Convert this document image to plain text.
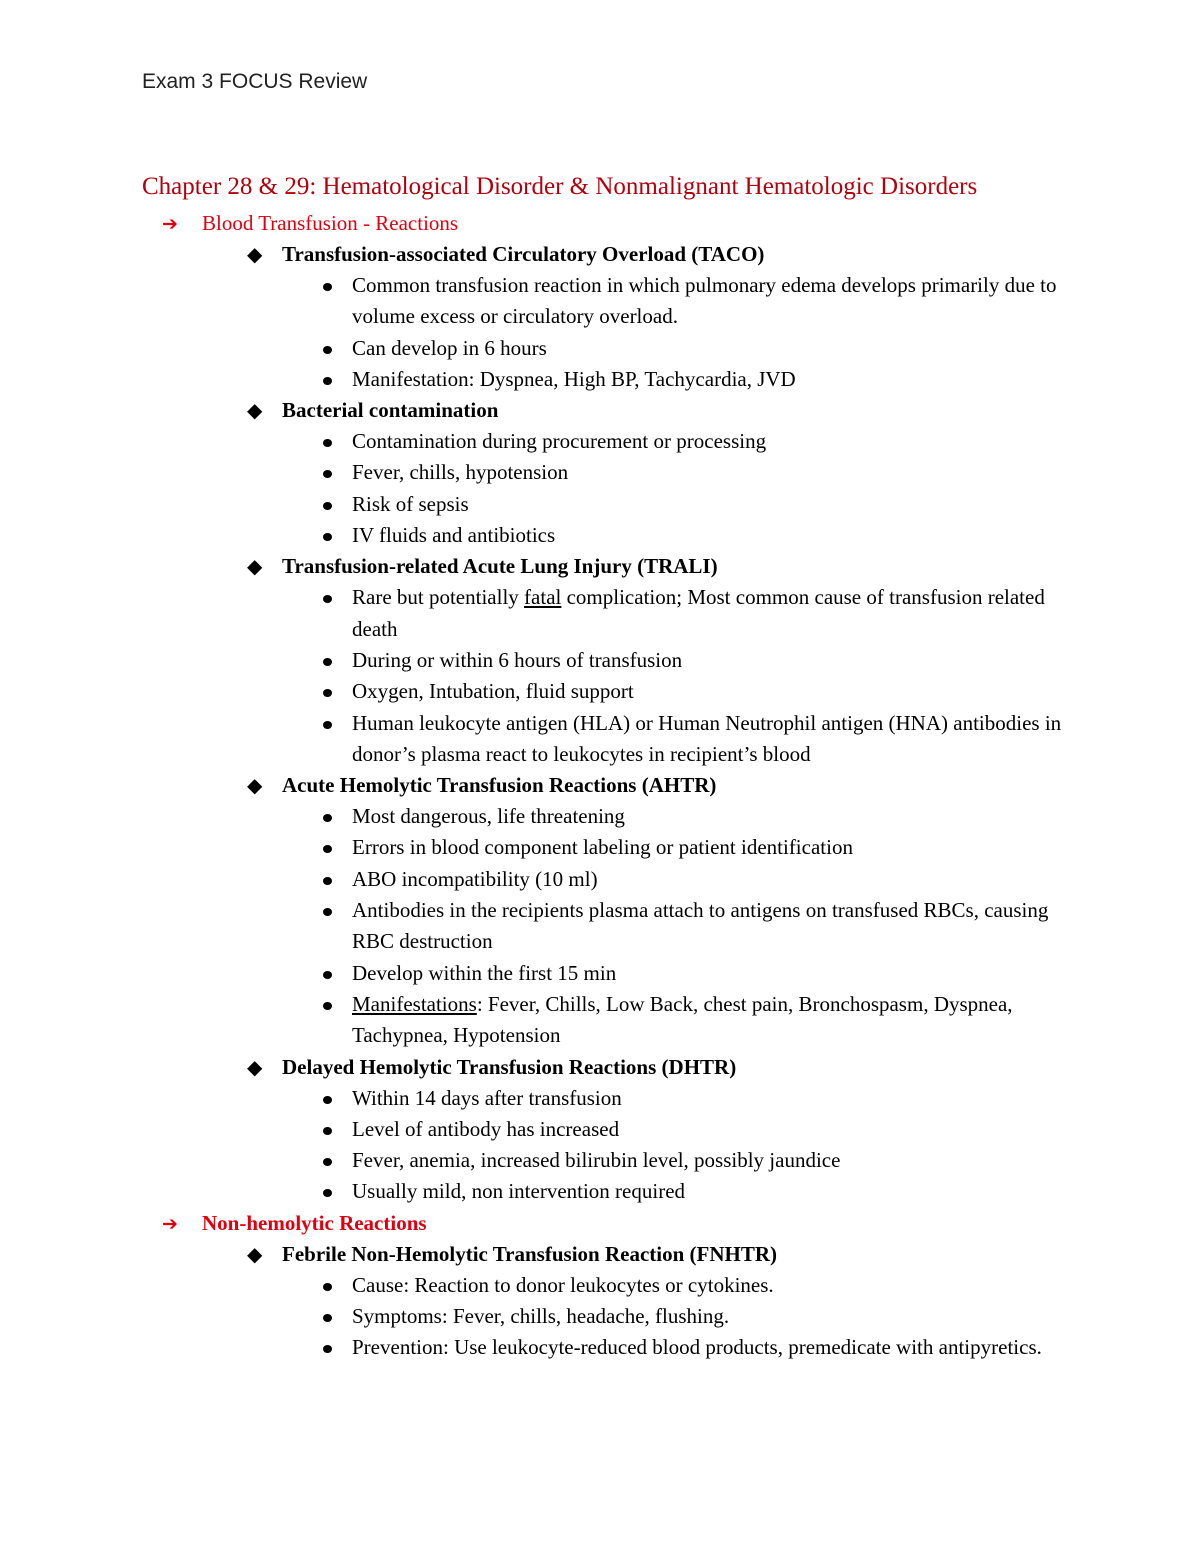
Exam 3 FOCUS Review
Chapter 28 & 29: Hematological Disorder & Nonmalignant Hematologic Disorders
➔	Blood Transfusion - Reactions
◆ Transfusion-associated Circulatory Overload (TACO)
Common transfusion reaction in which pulmonary edema develops primarily due to volume excess or circulatory overload.
Can develop in 6 hours
Manifestation: Dyspnea, High BP, Tachycardia, JVD
◆ Bacterial contamination
Contamination during procurement or processing
Fever, chills, hypotension
Risk of sepsis
IV fluids and antibiotics
◆ Transfusion-related Acute Lung Injury (TRALI)
Rare but potentially fatal complication; Most common cause of transfusion related death
During or within 6 hours of transfusion
Oxygen, Intubation, fluid support
Human leukocyte antigen (HLA) or Human Neutrophil antigen (HNA) antibodies in donor’s plasma react to leukocytes in recipient’s blood
◆ Acute Hemolytic Transfusion Reactions (AHTR)
Most dangerous, life threatening
Errors in blood component labeling or patient identification
ABO incompatibility (10 ml)
Antibodies in the recipients plasma attach to antigens on transfused RBCs, causing RBC destruction
Develop within the first 15 min
Manifestations: Fever, Chills, Low Back, chest pain, Bronchospasm, Dyspnea, Tachypnea, Hypotension
◆ Delayed Hemolytic Transfusion Reactions (DHTR)
Within 14 days after transfusion
Level of antibody has increased
Fever, anemia, increased bilirubin level, possibly jaundice
Usually mild, non intervention required
➔	Non-hemolytic Reactions
◆ Febrile Non-Hemolytic Transfusion Reaction (FNHTR)
Cause: Reaction to donor leukocytes or cytokines.
Symptoms: Fever, chills, headache, flushing.
Prevention: Use leukocyte-reduced blood products, premedicate with antipyretics.
